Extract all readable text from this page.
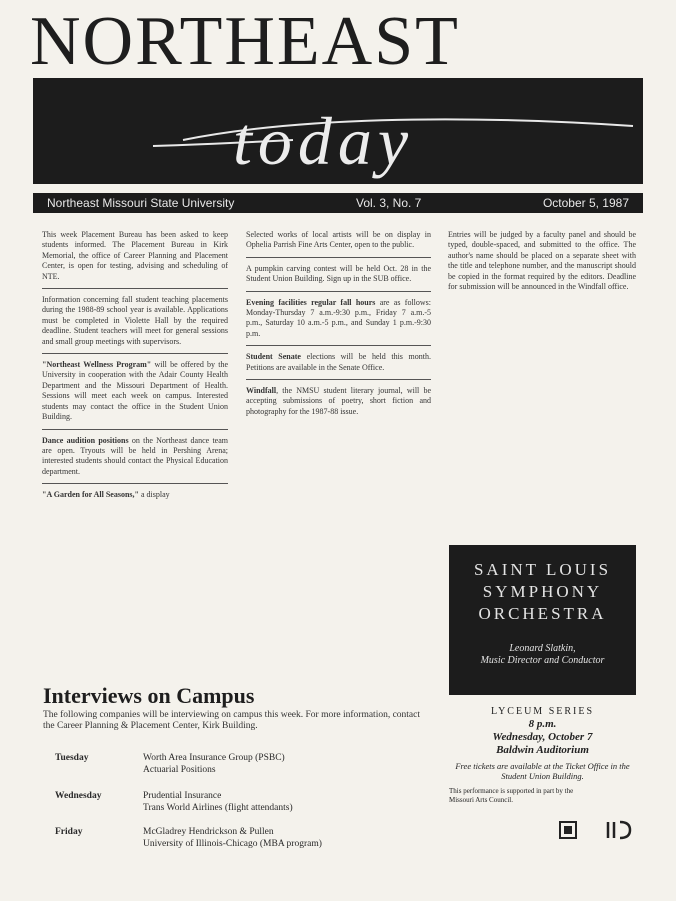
NORTHEAST
today
Northeast Missouri State University	Vol. 3, No. 7	October 5, 1987
This week Placement Bureau has been asked to keep students informed. The Placement Bureau in Kirk Memorial, the office of Career Planning and Placement Center, is open for testing, advising and scheduling of NTE.
Information concerning fall student teaching placements during the 1988-89 school year is available. Applications must be completed in Violette Hall by the required deadline. Student teachers will meet for general sessions and small group meetings with supervisors.
"Northeast Wellness Program" will be offered by the University in cooperation with the Adair County Health Department and the Missouri Department of Health. Sessions will meet each week on campus. Interested students may contact the office in the Student Union Building.
Dance audition positions on the Northeast dance team are open. Tryouts will be held in Pershing Arena; interested students should contact the Physical Education department.
"A Garden for All Seasons," a display
Selected works of local artists will be on display in Ophelia Parrish Fine Arts Center, open to the public.
A pumpkin carving contest will be held Oct. 28 in the Student Union Building. Sign up in the SUB office.
Evening facilities regular fall hours are as follows: Monday-Thursday 7 a.m.-9:30 p.m., Friday 7 a.m.-5 p.m., Saturday 10 a.m.-5 p.m., and Sunday 1 p.m.-9:30 p.m.
Student Senate elections will be held this month. Petitions are available in the Senate Office.
Windfall, the NMSU student literary journal, will be accepting submissions of poetry, short fiction and photography for the 1987-88 issue.
Entries will be judged by a faculty panel and should be typed, double-spaced, and submitted to the office. The author's name should be placed on a separate sheet with the title and telephone number, and the manuscript should be copied in the format required by the editors. Deadline for submission will be announced in the Windfall office.
SAINT LOUIS
SYMPHONY
ORCHESTRA
Leonard Slatkin,
Music Director and Conductor
LYCEUM SERIES
8 p.m.
Wednesday, October 7
Baldwin Auditorium
Free tickets are available at the Ticket Office in the Student Union Building.
This performance is supported in part by the Missouri Arts Council.
Interviews on Campus
The following companies will be interviewing on campus this week. For more information, contact the Career Planning & Placement Center, Kirk Building.
Tuesday	Worth Area Insurance Group (PSBC)
Actuarial Positions
Wednesday	Prudential Insurance
Trans World Airlines (flight attendants)
Friday	McGladrey Hendrickson & Pullen
University of Illinois-Chicago (MBA program)
